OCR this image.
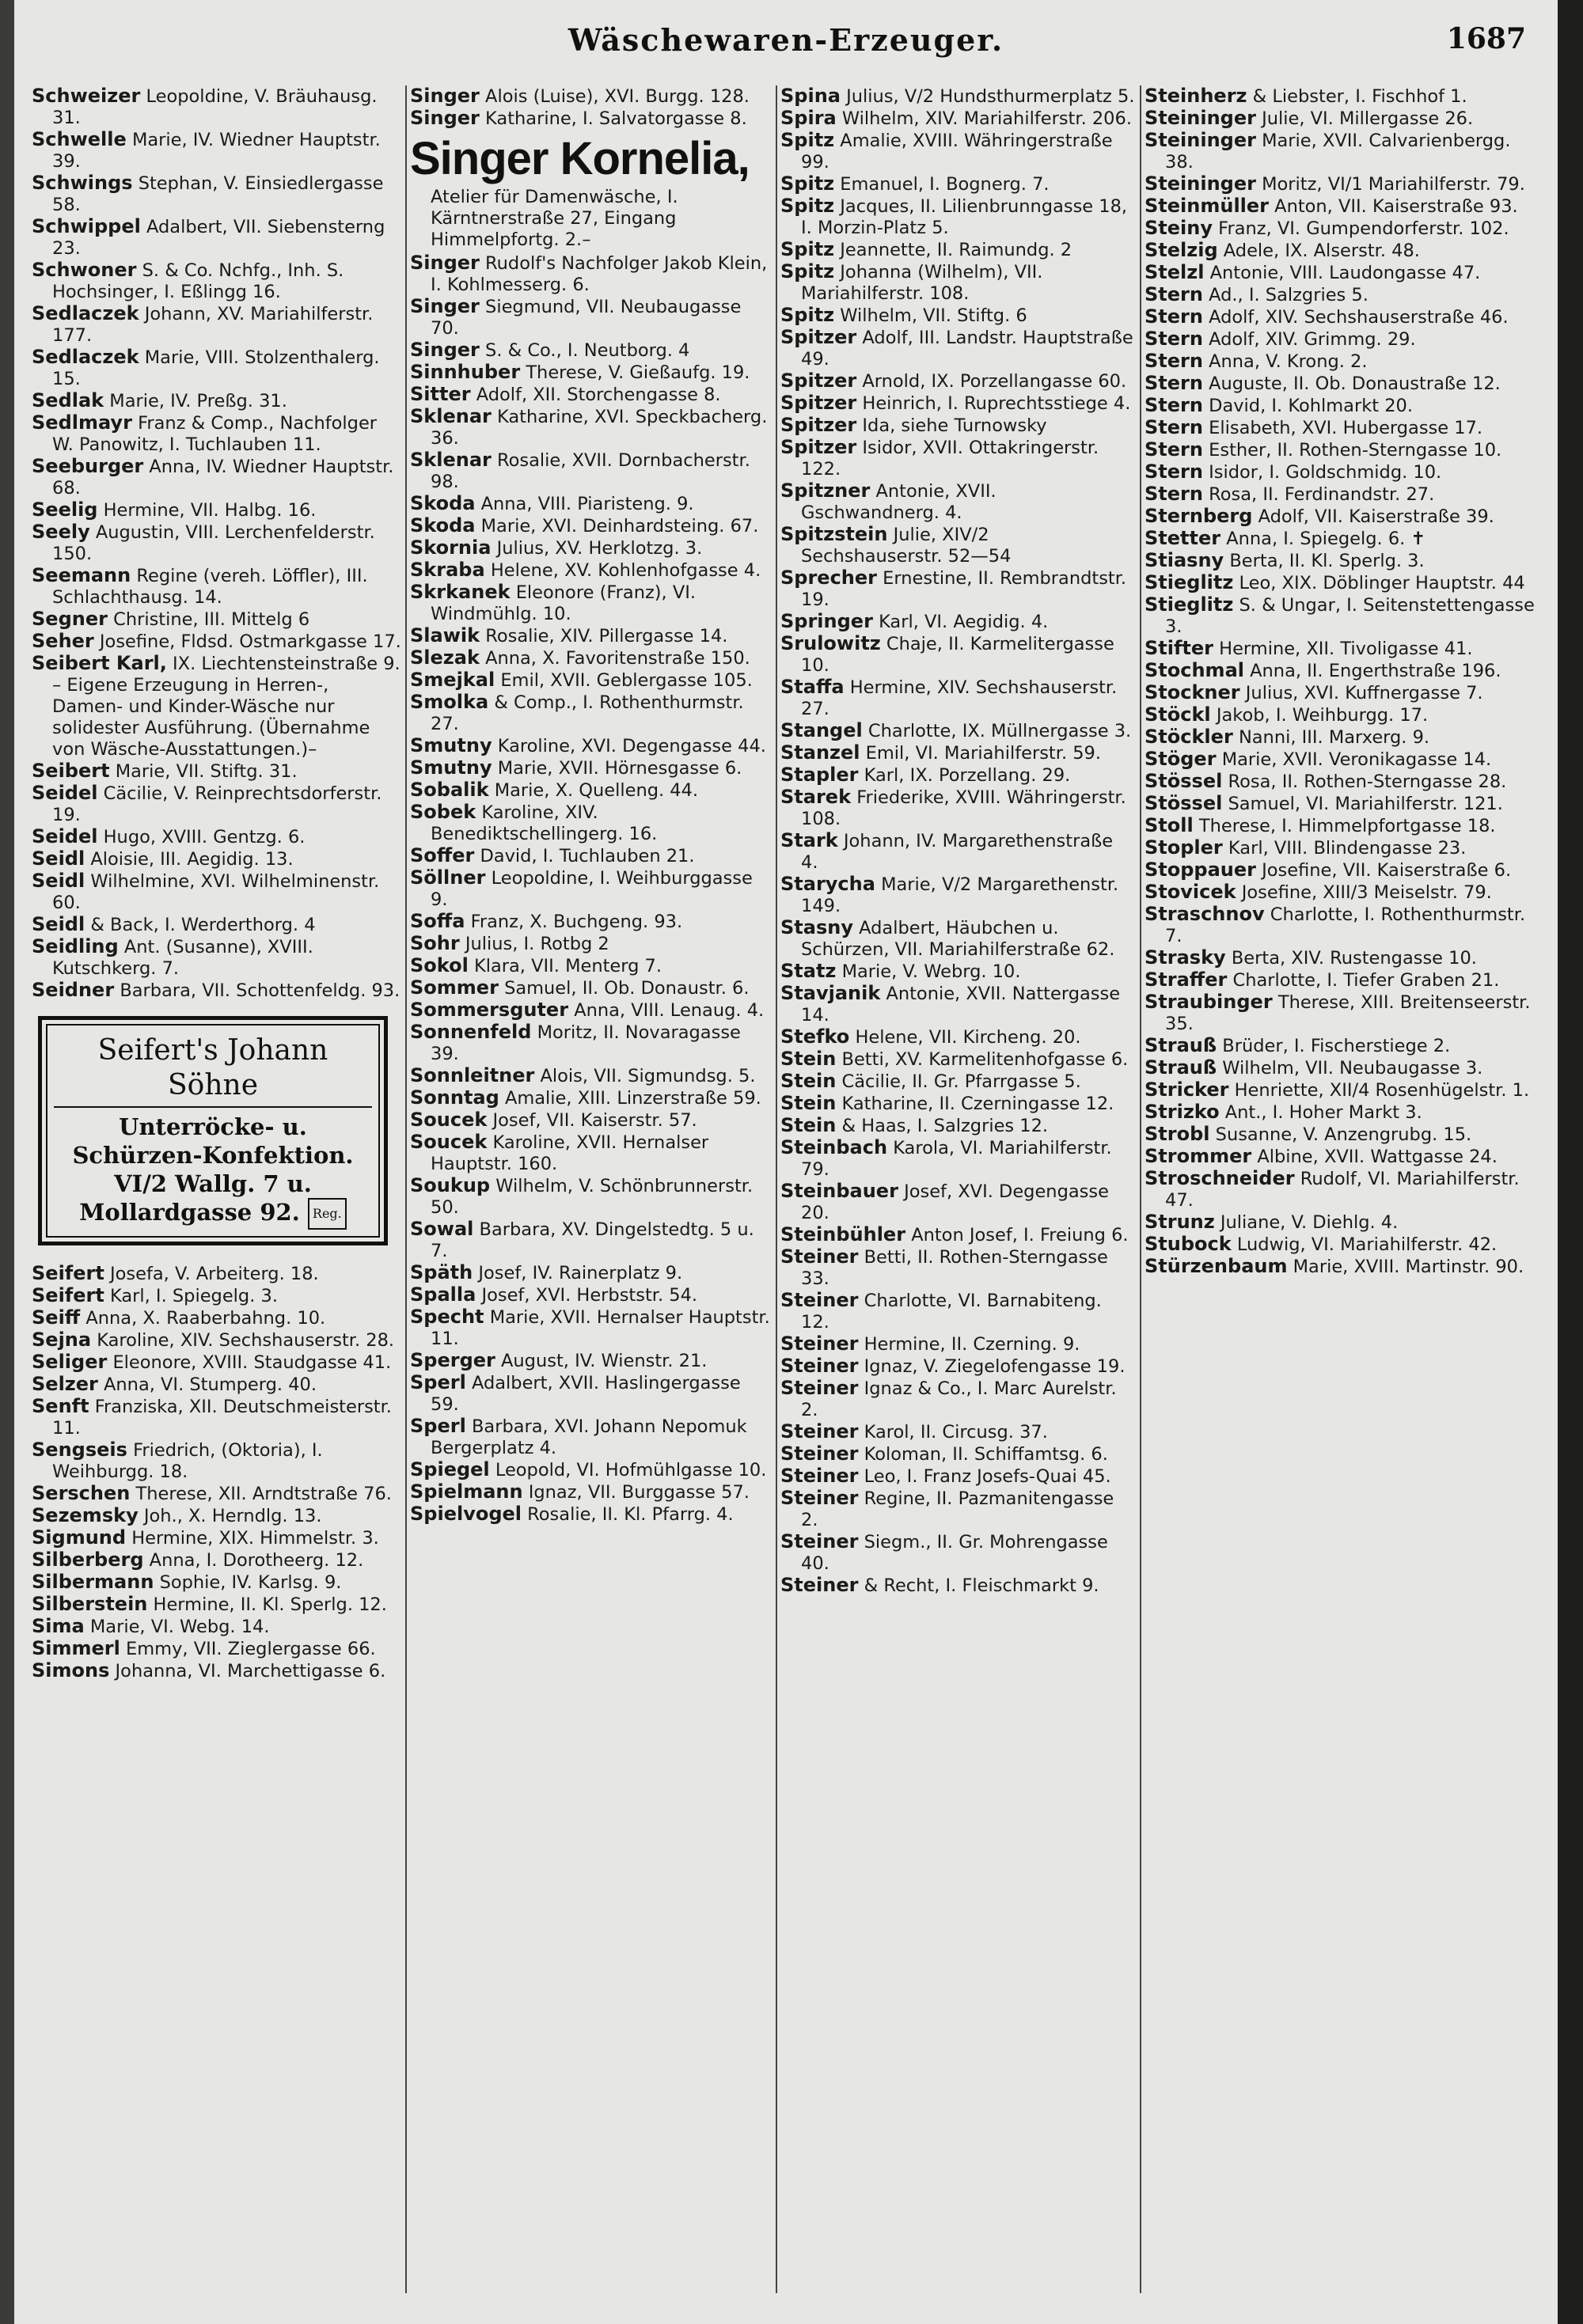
Wäschewaren-Erzeuger.	1687

Schweizer Leopoldine, V. Bräuhausg. 31.

Schwelle Marie, IV. Wiedner Hauptstr. 39.

Schwings Stephan, V. Einsiedlergasse 58.

Schwippel Adalbert, VII. Siebensterng 23.

Schwoner S. & Co. Nchfg., Inh. S. Hochsinger, I. Eßlingg 16.

Sedlaczek Johann, XV. Mariahilferstr. 177.

Sedlaczek Marie, VIII. Stolzenthalerg. 15.

Sedlak Marie, IV. Preßg. 31.

Sedlmayr Franz & Comp., Nachfolger W. Panowitz, I. Tuchlauben 11.

Seeburger Anna, IV. Wiedner Hauptstr. 68.

Seelig Hermine, VII. Halbg. 16.

Seely Augustin, VIII. Lerchenfelderstr. 150.

Seemann Regine (vereh. Löffler), III. Schlachthausg. 14.

Segner Christine, III. Mittelg 6

Seher Josefine, Fldsd. Ostmarkgasse 17.

Seibert Karl, IX. Liechtensteinstraße 9. – Eigene Erzeugung in Herren-, Damen- und Kinder-Wäsche nur solidester Ausführung. (Übernahme von Wäsche-Ausstattungen.)–

Seibert Marie, VII. Stiftg. 31.

Seidel Cäcilie, V. Reinprechtsdorferstr. 19.

Seidel Hugo, XVIII. Gentzg. 6.

Seidl Aloisie, III. Aegidig. 13.

Seidl Wilhelmine, XVI. Wilhelminenstr. 60.

Seidl & Back, I. Werderthorg. 4

Seidling Ant. (Susanne), XVIII. Kutschkerg. 7.

Seidner Barbara, VII. Schottenfeldg. 93.

Seifert's Johann Söhne
Unterröcke- u. Schürzen-Konfektion. VI/2 Wallg. 7 u. Mollardgasse 92. Reg.

Seifert Josefa, V. Arbeiterg. 18.

Seifert Karl, I. Spiegelg. 3.

Seiff Anna, X. Raaberbahng. 10.

Sejna Karoline, XIV. Sechshauserstr. 28.

Seliger Eleonore, XVIII. Staudgasse 41.

Selzer Anna, VI. Stumperg. 40.

Senft Franziska, XII. Deutschmeisterstr. 11.

Sengseis Friedrich, (Oktoria), I. Weihburgg. 18.

Serschen Therese, XII. Arndtstraße 76.

Sezemsky Joh., X. Herndlg. 13.

Sigmund Hermine, XIX. Himmelstr. 3.

Silberberg Anna, I. Dorotheerg. 12.

Silbermann Sophie, IV. Karlsg. 9.

Silberstein Hermine, II. Kl. Sperlg. 12.

Sima Marie, VI. Webg. 14.

Simmerl Emmy, VII. Zieglergasse 66.

Simons Johanna, VI. Marchettigasse 6.

Singer Alois (Luise), XVI. Burgg. 128.

Singer Katharine, I. Salvatorgasse 8.

Singer Kornelia,
Atelier für Damenwäsche, I. Kärntnerstraße 27, Eingang Himmelpfortg. 2.–

Singer Rudolf's Nachfolger Jakob Klein, I. Kohlmesserg. 6.

Singer Siegmund, VII. Neubaugasse 70.

Singer S. & Co., I. Neutborg. 4

Sinnhuber Therese, V. Gießaufg. 19.

Sitter Adolf, XII. Storchengasse 8.

Sklenar Katharine, XVI. Speckbacherg. 36.

Sklenar Rosalie, XVII. Dornbacherstr. 98.

Skoda Anna, VIII. Piaristeng. 9.

Skoda Marie, XVI. Deinhardsteing. 67.

Skornia Julius, XV. Herklotzg. 3.

Skraba Helene, XV. Kohlenhofgasse 4.

Skrkanek Eleonore (Franz), VI. Windmühlg. 10.

Slawik Rosalie, XIV. Pillergasse 14.

Slezak Anna, X. Favoritenstraße 150.

Smejkal Emil, XVII. Geblergasse 105.

Smolka & Comp., I. Rothenthurmstr. 27.

Smutny Karoline, XVI. Degengasse 44.

Smutny Marie, XVII. Hörnesgasse 6.

Sobalik Marie, X. Quelleng. 44.

Sobek Karoline, XIV. Benediktschellingerg. 16.

Soffer David, I. Tuchlauben 21.

Söllner Leopoldine, I. Weihburggasse 9.

Soffa Franz, X. Buchgeng. 93.

Sohr Julius, I. Rotbg 2

Sokol Klara, VII. Menterg 7.

Sommer Samuel, II. Ob. Donaustr. 6.

Sommersguter Anna, VIII. Lenaug. 4.

Sonnenfeld Moritz, II. Novaragasse 39.

Sonnleitner Alois, VII. Sigmundsg. 5.

Sonntag Amalie, XIII. Linzerstraße 59.

Soucek Josef, VII. Kaiserstr. 57.

Soucek Karoline, XVII. Hernalser Hauptstr. 160.

Soukup Wilhelm, V. Schönbrunnerstr. 50.

Sowal Barbara, XV. Dingelstedtg. 5 u. 7.

Späth Josef, IV. Rainerplatz 9.

Spalla Josef, XVI. Herbststr. 54.

Specht Marie, XVII. Hernalser Hauptstr. 11.

Sperger August, IV. Wienstr. 21.

Sperl Adalbert, XVII. Haslingergasse 59.

Sperl Barbara, XVI. Johann Nepomuk Bergerplatz 4.

Spiegel Leopold, VI. Hofmühlgasse 10.

Spielmann Ignaz, VII. Burggasse 57.

Spielvogel Rosalie, II. Kl. Pfarrg. 4.

Spina Julius, V/2 Hundsthurmerplatz 5.

Spira Wilhelm, XIV. Mariahilferstr. 206.

Spitz Amalie, XVIII. Währingerstraße 99.

Spitz Emanuel, I. Bognerg. 7.

Spitz Jacques, II. Lilienbrunngasse 18, I. Morzin-Platz 5.

Spitz Jeannette, II. Raimundg. 2

Spitz Johanna (Wilhelm), VII. Mariahilferstr. 108.

Spitz Wilhelm, VII. Stiftg. 6

Spitzer Adolf, III. Landstr. Hauptstraße 49.

Spitzer Arnold, IX. Porzellangasse 60.

Spitzer Heinrich, I. Ruprechtsstiege 4.

Spitzer Ida, siehe Turnowsky

Spitzer Isidor, XVII. Ottakringerstr. 122.

Spitzner Antonie, XVII. Gschwandnerg. 4.

Spitzstein Julie, XIV/2 Sechshauserstr. 52—54

Sprecher Ernestine, II. Rembrandtstr. 19.

Springer Karl, VI. Aegidig. 4.

Srulowitz Chaje, II. Karmelitergasse 10.

Staffa Hermine, XIV. Sechshauserstr. 27.

Stangel Charlotte, IX. Müllnergasse 3.

Stanzel Emil, VI. Mariahilferstr. 59.

Stapler Karl, IX. Porzellang. 29.

Starek Friederike, XVIII. Währingerstr. 108.

Stark Johann, IV. Margarethenstraße 4.

Starycha Marie, V/2 Margarethenstr. 149.

Stasny Adalbert, Häubchen u. Schürzen, VII. Mariahilferstraße 62.

Statz Marie, V. Webrg. 10.

Stavjanik Antonie, XVII. Nattergasse 14.

Stefko Helene, VII. Kircheng. 20.

Stein Betti, XV. Karmelitenhofgasse 6.

Stein Cäcilie, II. Gr. Pfarrgasse 5.

Stein Katharine, II. Czerningasse 12.

Stein & Haas, I. Salzgries 12.

Steinbach Karola, VI. Mariahilferstr. 79.

Steinbauer Josef, XVI. Degengasse 20.

Steinbühler Anton Josef, I. Freiung 6.

Steiner Betti, II. Rothen-Sterngasse 33.

Steiner Charlotte, VI. Barnabiteng. 12.

Steiner Hermine, II. Czerning. 9.

Steiner Ignaz, V. Ziegelofengasse 19.

Steiner Ignaz & Co., I. Marc Aurelstr. 2.

Steiner Karol, II. Circusg. 37.

Steiner Koloman, II. Schiffamtsg. 6.

Steiner Leo, I. Franz Josefs-Quai 45.

Steiner Regine, II. Pazmanitengasse 2.

Steiner Siegm., II. Gr. Mohrengasse 40.

Steiner & Recht, I. Fleischmarkt 9.

Steinherz & Liebster, I. Fischhof 1.

Steininger Julie, VI. Millergasse 26.

Steininger Marie, XVII. Calvarienbergg. 38.

Steininger Moritz, VI/1 Mariahilferstr. 79.

Steinmüller Anton, VII. Kaiserstraße 93.

Steiny Franz, VI. Gumpendorferstr. 102.

Stelzig Adele, IX. Alserstr. 48.

Stelzl Antonie, VIII. Laudongasse 47.

Stern Ad., I. Salzgries 5.

Stern Adolf, XIV. Sechshauserstraße 46.

Stern Adolf, XIV. Grimmg. 29.

Stern Anna, V. Krong. 2.

Stern Auguste, II. Ob. Donaustraße 12.

Stern David, I. Kohlmarkt 20.

Stern Elisabeth, XVI. Hubergasse 17.

Stern Esther, II. Rothen-Sterngasse 10.

Stern Isidor, I. Goldschmidg. 10.

Stern Rosa, II. Ferdinandstr. 27.

Sternberg Adolf, VII. Kaiserstraße 39.

Stetter Anna, I. Spiegelg. 6. ✝

Stiasny Berta, II. Kl. Sperlg. 3.

Stieglitz Leo, XIX. Döblinger Hauptstr. 44

Stieglitz S. & Ungar, I. Seitenstettengasse 3.

Stifter Hermine, XII. Tivoligasse 41.

Stochmal Anna, II. Engerthstraße 196.

Stockner Julius, XVI. Kuffnergasse 7.

Stöckl Jakob, I. Weihburgg. 17.

Stöckler Nanni, III. Marxerg. 9.

Stöger Marie, XVII. Veronikagasse 14.

Stössel Rosa, II. Rothen-Sterngasse 28.

Stössel Samuel, VI. Mariahilferstr. 121.

Stoll Therese, I. Himmelpfortgasse 18.

Stopler Karl, VIII. Blindengasse 23.

Stoppauer Josefine, VII. Kaiserstraße 6.

Stovicek Josefine, XIII/3 Meiselstr. 79.

Straschnov Charlotte, I. Rothenthurmstr. 7.

Strasky Berta, XIV. Rustengasse 10.

Straffer Charlotte, I. Tiefer Graben 21.

Straubinger Therese, XIII. Breitenseerstr. 35.

Strauß Brüder, I. Fischerstiege 2.

Strauß Wilhelm, VII. Neubaugasse 3.

Stricker Henriette, XII/4 Rosenhügelstr. 1.

Strizko Ant., I. Hoher Markt 3.

Strobl Susanne, V. Anzengrubg. 15.

Strommer Albine, XVII. Wattgasse 24.

Stroschneider Rudolf, VI. Mariahilferstr. 47.

Strunz Juliane, V. Diehlg. 4.

Stubock Ludwig, VI. Mariahilferstr. 42.

Stürzenbaum Marie, XVIII. Martinstr. 90.
